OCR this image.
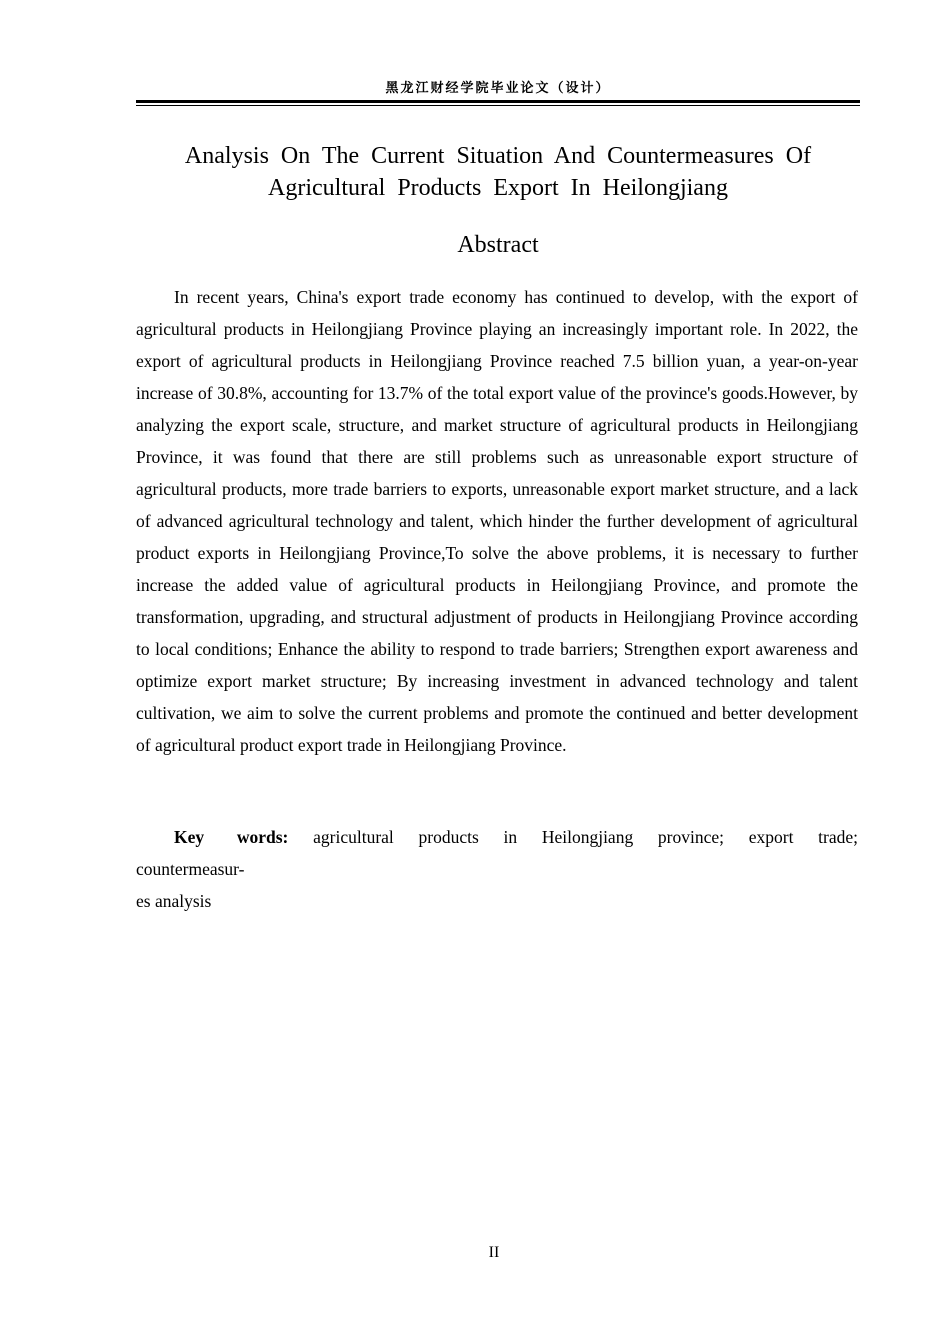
黑龙江财经学院毕业论文（设计）
Analysis On The Current Situation And Countermeasures Of Agricultural Products Export In Heilongjiang
Abstract

In recent years, China's export trade economy has continued to develop, with the export of agricultural products in Heilongjiang Province playing an increasingly important role. In 2022, the export of agricultural products in Heilongjiang Province reached 7.5 billion yuan, a year-on-year increase of 30.8%, accounting for 13.7% of the total export value of the province's goods.However, by analyzing the export scale, structure, and market structure of agricultural products in Heilongjiang Province, it was found that there are still problems such as unreasonable export structure of agricultural products, more trade barriers to exports, unreasonable export market structure, and a lack of advanced agricultural technology and talent, which hinder the further development of agricultural product exports in Heilongjiang Province,To solve the above problems, it is necessary to further increase the added value of agricultural products in Heilongjiang Province, and promote the transformation, upgrading, and structural adjustment of products in Heilongjiang Province according to local conditions; Enhance the ability to respond to trade barriers; Strengthen export awareness and optimize export market structure; By increasing investment in advanced technology and talent cultivation, we aim to solve the current problems and promote the continued and better development of agricultural product export trade in Heilongjiang Province.

Key words: agricultural products in Heilongjiang province; export trade;
countermeasur-
es analysis
II
